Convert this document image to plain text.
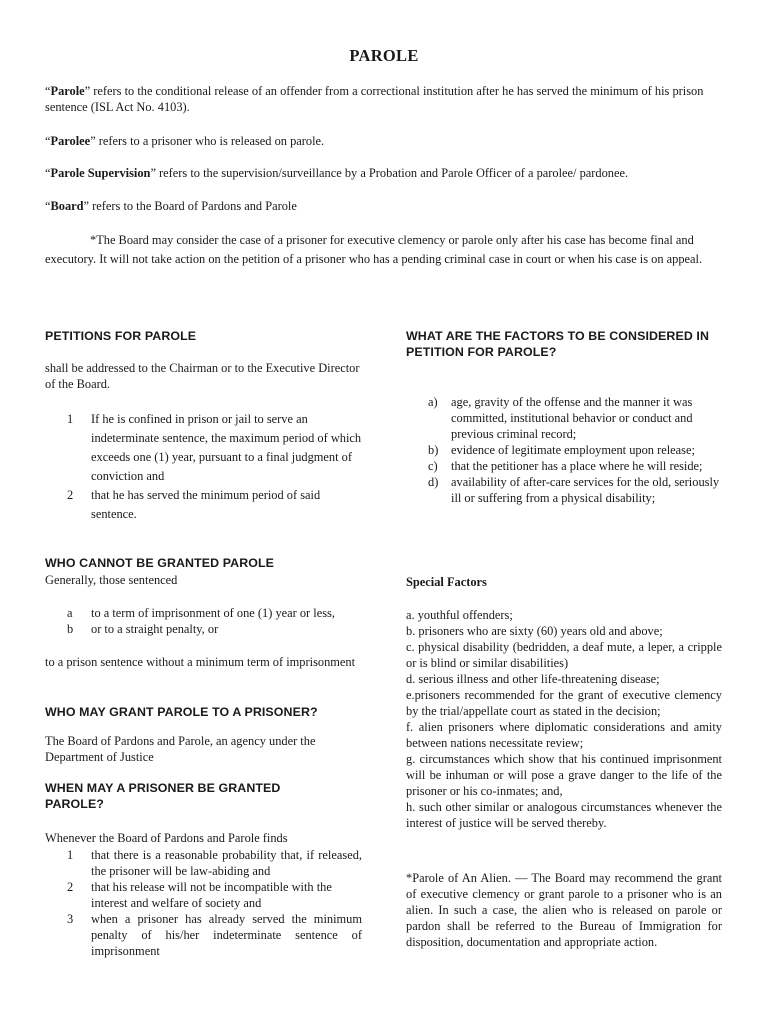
PAROLE

“Parole” refers to the conditional release of an offender from a correctional institution after he has served the minimum of his prison sentence (ISL Act No. 4103).

“Parolee” refers to a prisoner who is released on parole.

“Parole Supervision” refers to the supervision/surveillance by a Probation and Parole Officer of a parolee/ pardonee.

“Board” refers to the Board of Pardons and Parole

*The Board may consider the case of a prisoner for executive clemency or parole only after his case has become final and executory. It will not take action on the petition of a prisoner who has a pending criminal case in court or when his case is on appeal.

PETITIONS FOR PAROLE

shall be addressed to the Chairman or to the Executive Director of the Board.

1 If he is confined in prison or jail to serve an indeterminate sentence, the maximum period of which exceeds one (1) year, pursuant to a final judgment of conviction and
2 that he has served the minimum period of said sentence.
WHO CANNOT BE GRANTED PAROLE

Generally, those sentenced

a to a term of imprisonment of one (1) year or less,
b or to a straight penalty, or

to a prison sentence without a minimum term of imprisonment

WHO MAY GRANT PAROLE TO A PRISONER?

The Board of Pardons and Parole, an agency under the Department of Justice

WHEN MAY A PRISONER BE GRANTED PAROLE?

Whenever the Board of Pardons and Parole finds

1 that there is a reasonable probability that, if released, the prisoner will be law-abiding and
2 that his release will not be incompatible with the interest and welfare of society and
3 when a prisoner has already served the minimum penalty of his/her indeterminate sentence of imprisonment
WHAT ARE THE FACTORS TO BE CONSIDERED IN PETITION FOR PAROLE?
a) age, gravity of the offense and the manner it was committed, institutional behavior or conduct and previous criminal record;
b) evidence of legitimate employment upon release;
c) that the petitioner has a place where he will reside;
d) availability of after-care services for the old, seriously ill or suffering from a physical disability;
Special Factors
a. youthful offenders;
b. prisoners who are sixty (60) years old and above;
c. physical disability (bedridden, a deaf mute, a leper, a cripple or is blind or similar disabilities)
d. serious illness and other life-threatening disease;
e.prisoners recommended for the grant of executive clemency by the trial/appellate court as stated in the decision;
f. alien prisoners where diplomatic considerations and amity between nations necessitate review;
g. circumstances which show that his continued imprisonment will be inhuman or will pose a grave danger to the life of the prisoner or his co-inmates; and,
h. such other similar or analogous circumstances whenever the interest of justice will be served thereby.

*Parole of An Alien. — The Board may recommend the grant of executive clemency or grant parole to a prisoner who is an alien. In such a case, the alien who is released on parole or pardon shall be referred to the Bureau of Immigration for disposition, documentation and appropriate action.
